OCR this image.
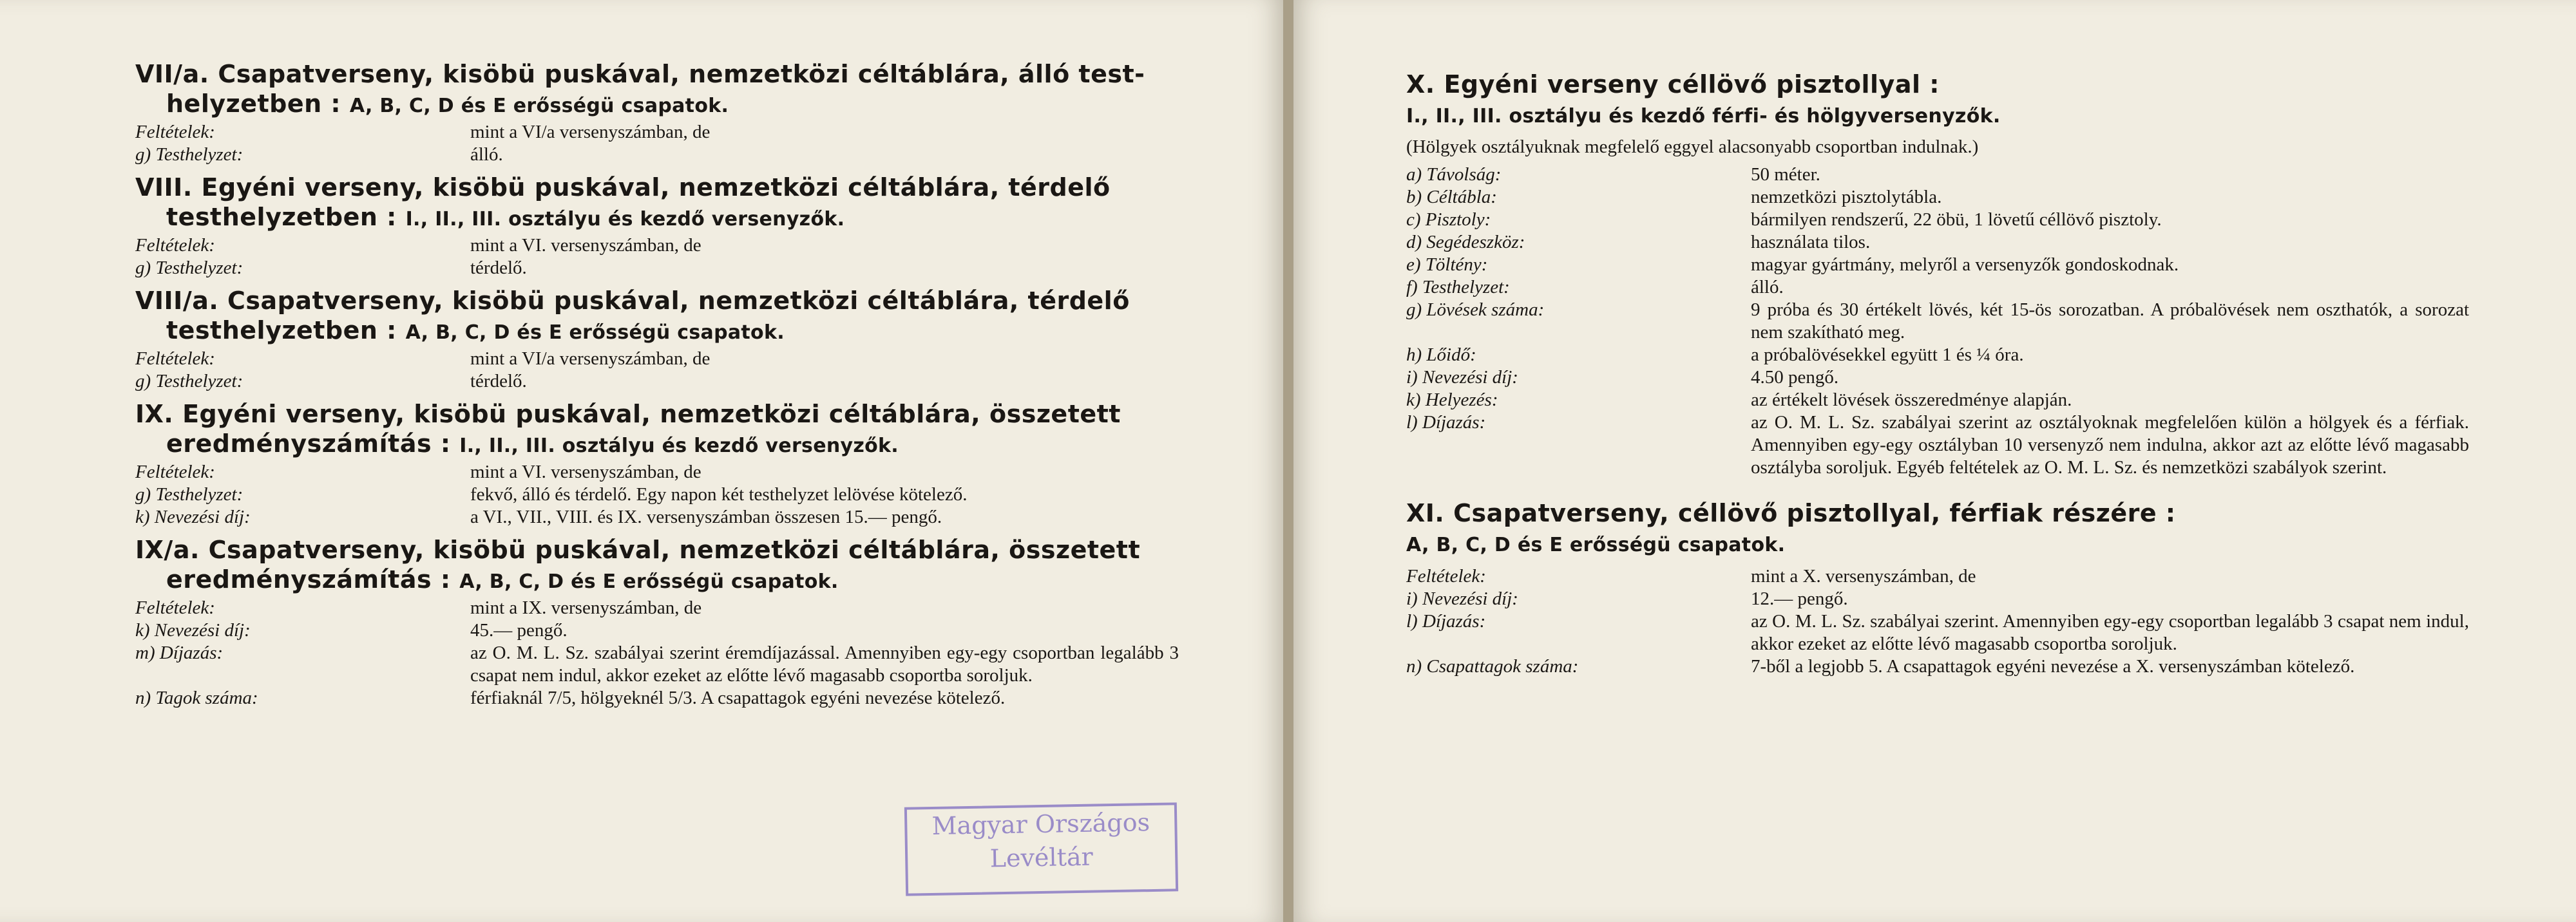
VII/a. Csapatverseny, kisöbü puskával, nemzetközi céltáblára, álló test-
helyzetben : A, B, C, D és E erősségü csapatok.
Feltételek:	mint a VI/a versenyszámban, de
g) Testhelyzet:	álló.
VIII. Egyéni verseny, kisöbü puskával, nemzetközi céltáblára, térdelő
testhelyzetben : I., II., III. osztályu és kezdő versenyzők.
Feltételek:	mint a VI. versenyszámban, de
g) Testhelyzet:	térdelő.
VIII/a. Csapatverseny, kisöbü puskával, nemzetközi céltáblára, térdelő
testhelyzetben : A, B, C, D és E erősségü csapatok.
Feltételek:	mint a VI/a versenyszámban, de
g) Testhelyzet:	térdelő.
IX. Egyéni verseny, kisöbü puskával, nemzetközi céltáblára, összetett
eredményszámítás : I., II., III. osztályu és kezdő versenyzők.
Feltételek:	mint a VI. versenyszámban, de
g) Testhelyzet:	fekvő, álló és térdelő. Egy napon két testhelyzet lelövése kötelező.
k) Nevezési díj:	a VI., VII., VIII. és IX. versenyszámban összesen 15.— pengő.
IX/a. Csapatverseny, kisöbü puskával, nemzetközi céltáblára, összetett
eredményszámítás : A, B, C, D és E erősségü csapatok.
Feltételek:	mint a IX. versenyszámban, de
k) Nevezési díj:	45.— pengő.
m) Díjazás:	az O. M. L. Sz. szabályai szerint éremdíjazással. Amennyiben egy-egy csoportban legalább 3 csapat nem indul, akkor ezeket az előtte lévő magasabb csoportba soroljuk.
n) Tagok száma:	férfiaknál 7/5, hölgyeknél 5/3. A csapattagok egyéni nevezése kötelező.
Magyar Országos
Levéltár
X. Egyéni verseny céllövő pisztollyal :
I., II., III. osztályu és kezdő férfi- és hölgyversenyzők.
(Hölgyek osztályuknak megfelelő eggyel alacsonyabb csoportban indulnak.)
a) Távolság:	50 méter.
b) Céltábla:	nemzetközi pisztolytábla.
c) Pisztoly:	bármilyen rendszerű, 22 öbü, 1 lövetű céllövő pisztoly.
d) Segédeszköz:	használata tilos.
e) Töltény:	magyar gyártmány, melyről a versenyzők gondoskodnak.
f) Testhelyzet:	álló.
g) Lövések száma:	9 próba és 30 értékelt lövés, két 15-ös sorozatban. A próbalövések nem oszthatók, a sorozat nem szakítható meg.
h) Lőidő:	a próbalövésekkel együtt 1 és ¼ óra.
i) Nevezési díj:	4.50 pengő.
k) Helyezés:	az értékelt lövések összeredménye alapján.
l) Díjazás:	az O. M. L. Sz. szabályai szerint az osztályoknak megfelelően külön a hölgyek és a férfiak. Amennyiben egy-egy osztályban 10 versenyző nem indulna, akkor azt az előtte lévő magasabb osztályba soroljuk. Egyéb feltételek az O. M. L. Sz. és nemzetközi szabályok szerint.
XI. Csapatverseny, céllövő pisztollyal, férfiak részére :
A, B, C, D és E erősségü csapatok.
Feltételek:	mint a X. versenyszámban, de
i) Nevezési díj:	12.— pengő.
l) Díjazás:	az O. M. L. Sz. szabályai szerint. Amennyiben egy-egy csoportban legalább 3 csapat nem indul, akkor ezeket az előtte lévő magasabb csoportba soroljuk.
n) Csapattagok száma:	7-ből a legjobb 5. A csapattagok egyéni nevezése a X. versenyszámban kötelező.
